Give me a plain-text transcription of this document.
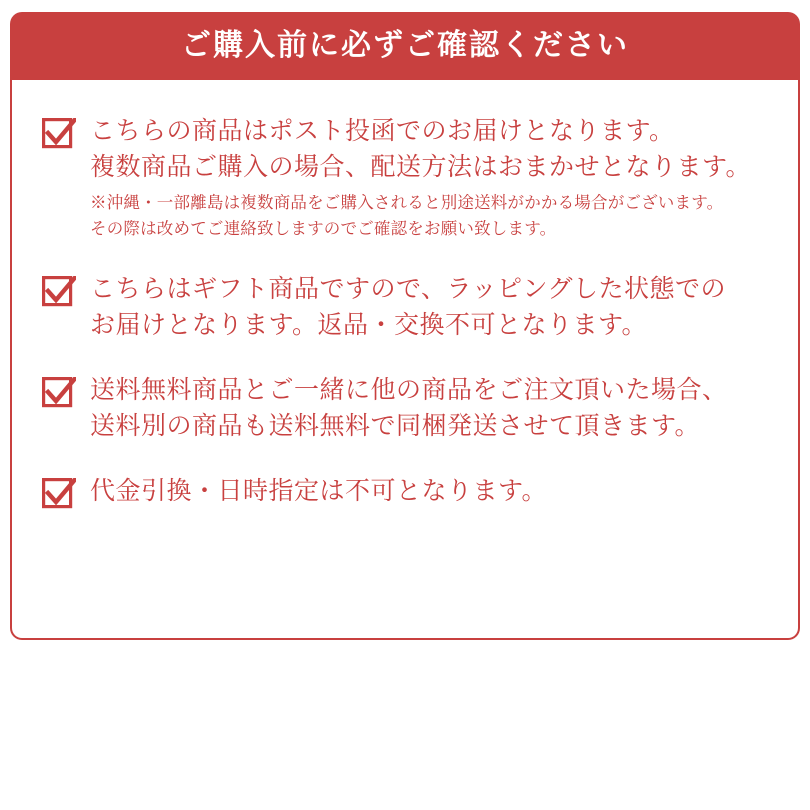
ご購入前に必ずご確認ください
こちらの商品はポスト投函でのお届けとなります。
複数商品ご購入の場合、配送方法はおまかせとなります。
※沖縄・一部離島は複数商品をご購入されると別途送料がかかる場合がございます。
その際は改めてご連絡致しますのでご確認をお願い致します。
こちらはギフト商品ですので、ラッピングした状態での
お届けとなります。返品・交換不可となります。
送料無料商品とご一緒に他の商品をご注文頂いた場合、
送料別の商品も送料無料で同梱発送させて頂きます。
代金引換・日時指定は不可となります。
